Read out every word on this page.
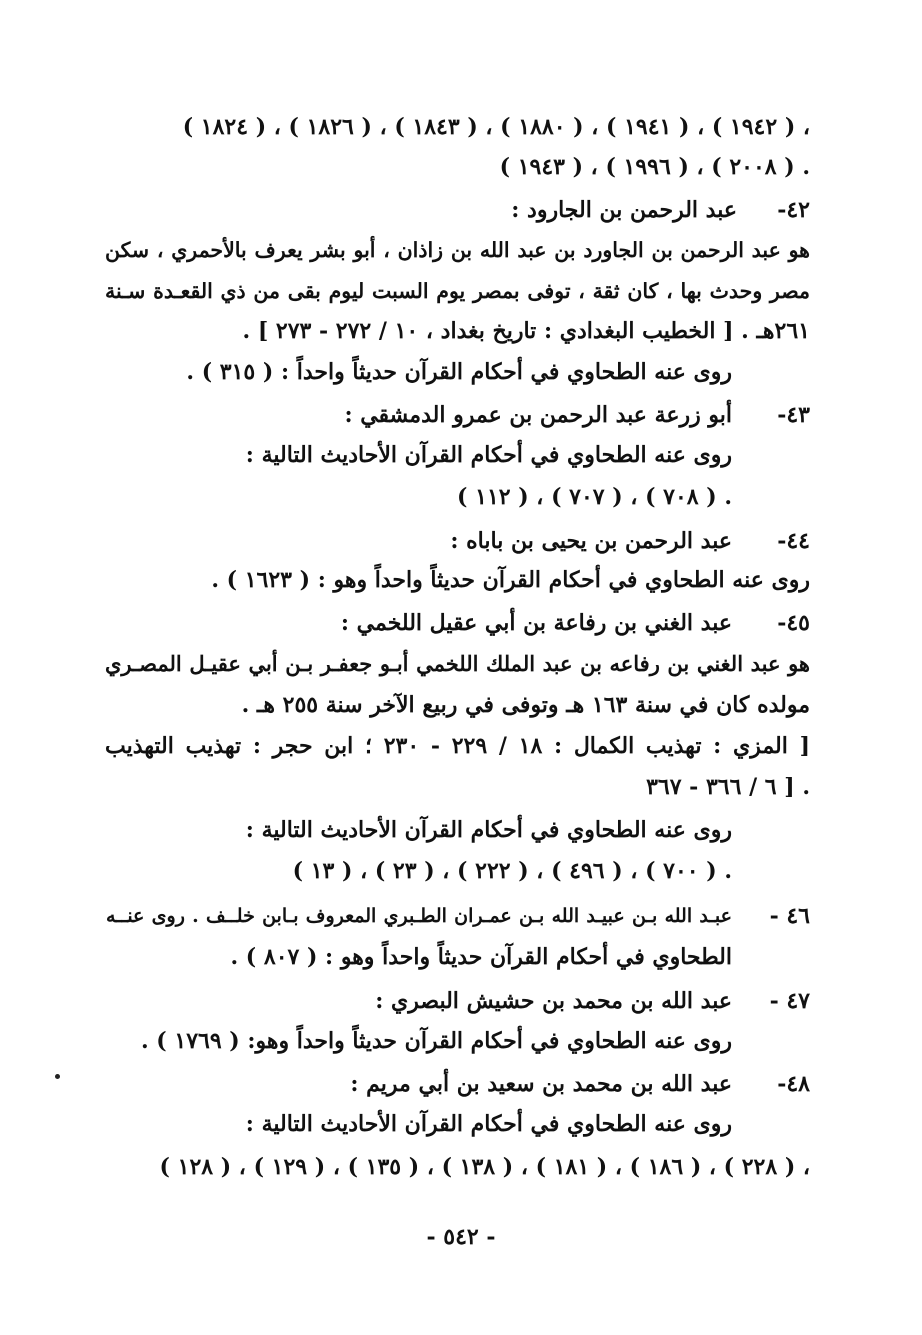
( ١٨٢٤ ) ، ( ١٨٢٦ ) ، ( ١٨٤٣ ) ، ( ١٨٨٠ ) ، ( ١٩٤١ ) ، ( ١٩٤٢ ) ،
( ١٩٤٣ ) ، ( ١٩٩٦ ) ، ( ٢٠٠٨ ) .
٤٢-
عبد الرحمن بن الجارود :
هو عبد الرحمن بن الجاورد بن عبد الله بن زاذان ، أبو بشر يعرف بالأحمري ، سكن
مصر وحدث بها ، كان ثقة ، توفى بمصر يوم السبت ليوم بقى من ذي القعـدة سـنة
٢٦١هـ . [ الخطيب البغدادي : تاريخ بغداد ، ١٠ / ٢٧٢ - ٢٧٣ ] .
روى عنه الطحاوي في أحكام القرآن حديثاً واحداً : ( ٣١٥ ) .
٤٣-
أبو زرعة عبد الرحمن بن عمرو الدمشقي :
روى عنه الطحاوي في أحكام القرآن الأحاديث التالية :
( ١١٢ ) ، ( ٧٠٧ ) ، ( ٧٠٨ ) .
٤٤-
عبد الرحمن بن يحيى بن باباه :
روى عنه الطحاوي في أحكام القرآن حديثاً واحداً وهو : ( ١٦٢٣ ) .
٤٥-
عبد الغني بن رفاعة بن أبي عقيل اللخمي :
هو عبد الغني بن رفاعه بن عبد الملك اللخمي أبـو جعفـر بـن أبي عقيـل المصـري
مولده كان في سنة ١٦٣ هـ وتوفى في ربيع الآخر سنة ٢٥٥ هـ .
[ المزي : تهذيب الكمال : ١٨ / ٢٢٩ - ٢٣٠ ؛ ابن حجر : تهذيب التهذيب
٦ / ٣٦٦ - ٣٦٧ ] .
روى عنه الطحاوي في أحكام القرآن الأحاديث التالية :
( ١٣ ) ، ( ٢٣ ) ، ( ٢٢٢ ) ، ( ٤٩٦ ) ، ( ٧٠٠ ) .
٤٦ -
عبـد الله بـن عبيـد الله بـن عمـران الطـبري المعروف بـابن خلــف . روى عنــه
الطحاوي في أحكام القرآن حديثاً واحداً وهو : ( ٨٠٧ ) .
٤٧ -
عبد الله بن محمد بن حشيش البصري :
روى عنه الطحاوي في أحكام القرآن حديثاً واحداً وهو: ( ١٧٦٩ ) .
٤٨-
عبد الله بن محمد بن سعيد بن أبي مريم :
روى عنه الطحاوي في أحكام القرآن الأحاديث التالية :
( ١٢٨ ) ، ( ١٢٩ ) ، ( ١٣٥ ) ، ( ١٣٨ ) ، ( ١٨١ ) ، ( ١٨٦ ) ، ( ٢٢٨ ) ،
- ٥٤٢ -
